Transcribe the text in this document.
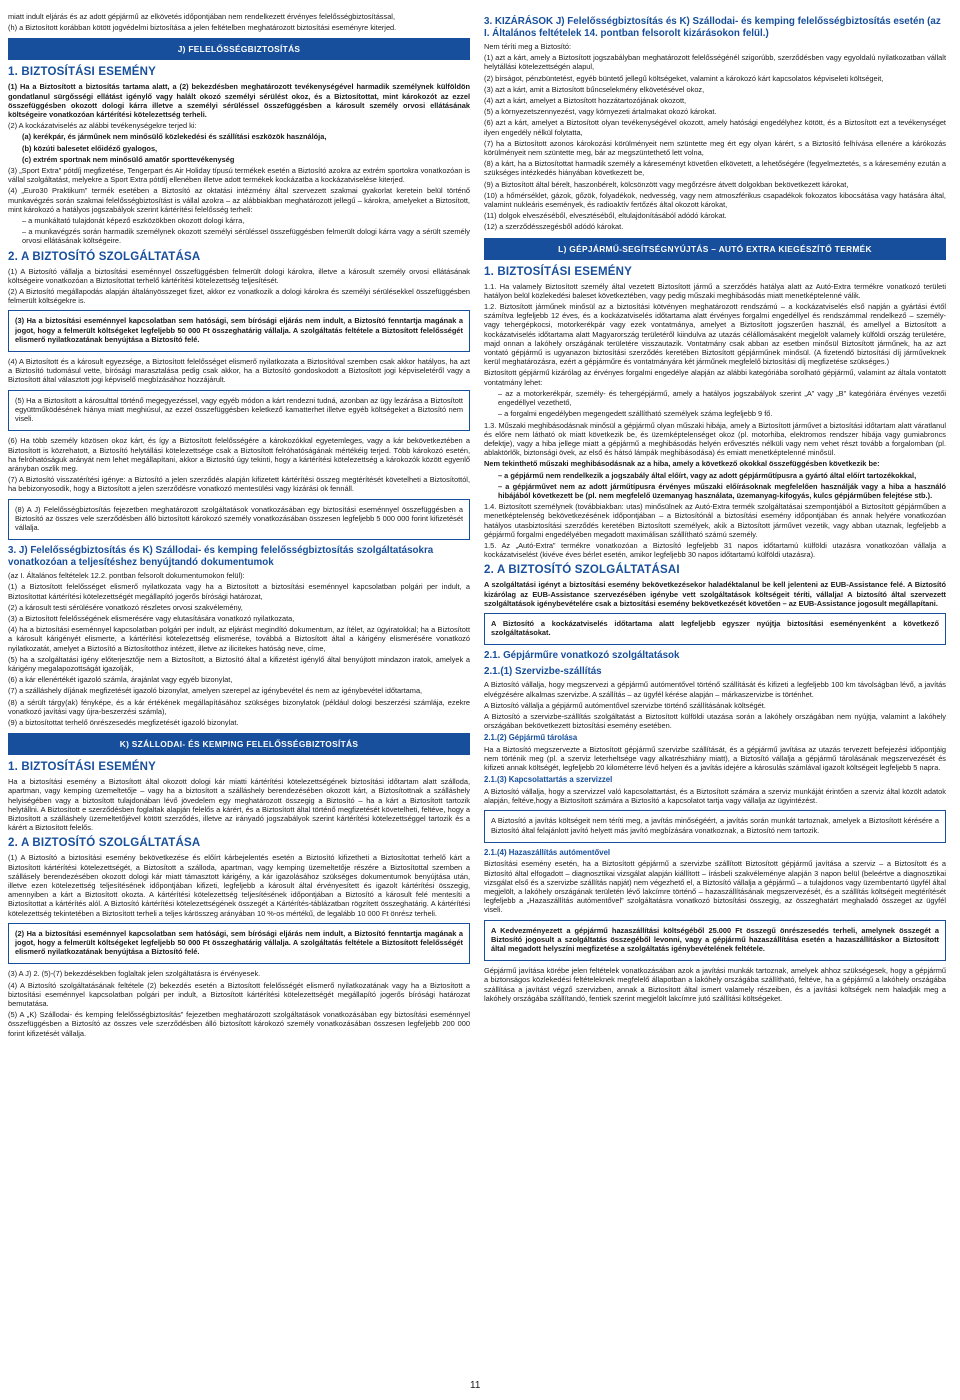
miatt indult eljárás és az adott gépjármű az elkövetés időpontjában nem rendelkezett érvényes felelősségbiztosítással,

(h) a Biztosított korábban kötött jogvédelmi biztosítása a jelen feltételben meghatározott biztosítási eseményre kiterjed.

J) FELELŐSSÉGBIZTOSÍTÁS
1. BIZTOSÍTÁSI ESEMÉNY

(1) Ha a Biztosított a biztosítás tartama alatt, a (2) bekezdésben meghatározott tevékenységével harmadik személynek külföldön gondatlanul sürgősségi ellátást igénylő vagy halált okozó személyi sérülést okoz, és a Biztosítottat, mint károkozót az ezzel összefüggésben okozott dologi kárra illetve a személyi sérüléssel összefüggésben a károsult személy orvosi ellátásának költségeire vonatkozóan kártérítési kötelezettség terheli.

(2) A kockázatviselés az alábbi tevékenységekre terjed ki:

(a) kerékpár, és járműnek nem minősülő közlekedési és szállítási eszközök használója,

(b) közúti balesetet előidéző gyalogos,

(c) extrém sportnak nem minősülő amatőr sporttevékenység

(3) „Sport Extra” pótdíj megfizetése, Tengerpart és Air Holiday típusú termékek esetén a Biztosító azokra az extrém sportokra vonatkozóan is vállal szolgáltatást, melyekre a Sport Extra pótdíj ellenében illetve adott termékek kockázatba a kockázatviselése kiterjed.

(4) „Euro30 Praktikum” termék esetében a Biztosító az oktatási intézmény által szervezett szakmai gyakorlat keretein belül történő munkavégzés során szakmai felelősségbiztosítást is vállal azokra – az alábbiakban meghatározott jellegű – károkra, amelyeket a Biztosított, mint károkozó a hatályos jogszabályok szerint kártérítési felelősség terheli:

– a munkáltató tulajdonát képező eszközökben okozott dologi kárra,

– a munkavégzés során harmadik személynek okozott személyi sérüléssel összefüggésben felmerült dologi kárra vagy a sérült személy orvosi ellátásának költségeire.

2. A BIZTOSÍTÓ SZOLGÁLTATÁSA

(1) A Biztosító vállalja a biztosítási eseménnyel összefüggésben felmerült dologi károkra, illetve a károsult személy orvosi ellátásának költségeire vonatkozóan a Biztosítottat terhelő kártérítési kötelezettség teljesítését.

(2) A Biztosító megállapodás alapján általányösszeget fizet, akkor ez vonatkozik a dologi károkra és személyi sérülésekkel összefüggésben felmerült költségekre is.

(3) Ha a biztosítási eseménnyel kapcsolatban sem hatósági, sem bírósági eljárás nem indult, a Biztosító fenntartja magának a jogot, hogy a felmerült költségeket legfeljebb 50 000 Ft összeghatárig vállalja. A szolgáltatás feltétele a Biztosított felelősségét elismerő nyilatkozatának benyújtása a Biztosító felé.

(4) A Biztosított és a károsult egyezsége, a Biztosított felelősséget elismerő nyilatkozata a Biztosítóval szemben csak akkor hatályos, ha azt a Biztosító tudomásul vette, bírósági marasztalása pedig csak akkor, ha a Biztosító gondoskodott a Biztosított jogi képviseletéről vagy a Biztosított által választott jogi képviselő megbízásához hozzájárult.

(5) Ha a Biztosított a károsulttal történő megegyezéssel, vagy egyéb módon a kárt rendezni tudná, azonban az ügy lezárása a Biztosított együttműködésének hiánya miatt meghiúsul, az ezzel összefüggésben keletkező kamatterhet illetve egyéb költségeket a Biztosító nem viseli.

(6) Ha több személy közösen okoz kárt, és így a Biztosított felelősségére a károkozókkal egyetemleges, vagy a kár bekövetkeztében a Biztosított is közrehatott, a Biztosító helytállási kötelezettsége csak a Biztosított felróhatóságának mértékéig terjed. Több károkozó esetén, ha felróhatóságuk arányát nem lehet megállapítani, akkor a Biztosító úgy tekinti, hogy a kártérítési kötelezettség a károkozók között egyenlő arányban oszlik meg.

(7) A Biztosító visszatérítési igénye: a Biztosító a jelen szerződés alapján kifizetett kártérítési összeg megtérítését követelheti a Biztosítottól, ha bebizonyosodik, hogy a Biztosított a jelen szerződésre vonatkozó mentesülési vagy kizárási ok fennáll.

(8) A J) Felelősségbiztosítás fejezetben meghatározott szolgáltatások vonatkozásában egy biztosítási eseménnyel összefüggésben a Biztosító az összes vele szerződésben álló biztosított károkozó személy vonatkozásában összesen legfeljebb 5 000 000 forint kifizetését vállalja.

3. J) Felelősségbiztosítás és K) Szállodai- és kemping felelősségbiztosítás szolgáltatásokra vonatkozóan a teljesítéshez benyújtandó dokumentumok

(az I. Általános feltételek 12.2. pontban felsorolt dokumentumokon felül):

(1) a Biztosított felelősséget elismerő nyilatkozata vagy ha a Biztosított a biztosítási eseménnyel kapcsolatban polgári per indult, a Biztosítottat kártérítési kötelezettségét megállapító jogerős bírósági határozat,

(2) a károsult testi sérülésére vonatkozó részletes orvosi szakvélemény,

(3) a Biztosított felelősségének elismerésére vagy elutasítására vonatkozó nyilatkozata,

(4) ha a biztosítási eseménnyel kapcsolatban polgári per indult, az eljárást megindító dokumentum, az ítélet, az ügyiratokkal; ha a Biztosított a károsult kárigényét elismerte, a kártérítési kötelezettség elismerése, továbbá a Biztosított által a kárigény elismerésére vonatkozó nyilatkozatát, amelyet a Biztosító a Biztosítotthoz intézett, illetve az ilicitekes hatóság neve, címe,

(5) ha a szolgáltatási igény előterjesztője nem a Biztosított, a Biztosító által a kifizetést igénylő által benyújtott mindazon iratok, amelyek a kárigény megalapozottságát igazolják,

(6) a kár ellenértékét igazoló számla, árajánlat vagy egyéb bizonylat,

(7) a szálláshely díjának megfizetését igazoló bizonylat, amelyen szerepel az igénybevétel és nem az igénybevétel időtartama,

(8) a sérült tárgy(ak) fényképe, és a kár értékének megállapításához szükséges bizonylatok (például dologi beszerzési számlája, ezekre vonatkozó javítási vagy újra-beszerzési számla),

(9) a biztosítottat terhelő önrészesedés megfizetését igazoló bizonylat.

K) SZÁLLODAI- ÉS KEMPING FELELŐSSÉGBIZTOSÍTÁS
1. BIZTOSÍTÁSI ESEMÉNY

Ha a biztosítási esemény a Biztosított által okozott dologi kár miatti kártérítési kötelezettségének biztosítási időtartam alatt szálloda, apartman, vagy kemping üzemeltetője – vagy ha a biztosított a szálláshely berendezésében okozott kárt, a Biztosítottnak a szálláshely helyiségében vagy a biztosított tulajdonában lévő jövedelem egy meghatározott összegig a Biztosító – ha a kárt a Biztosított tartozik helytállni. A Biztosított e szerződésben foglaltak alapján felelős a kárért, és a Biztosított által történő megfizetését követelheti, feltéve, hogy a Biztosított a szálláshely üzemeltetőjével kötött szerződés, illetve az irányadó jogszabályok szerint kártérítési kötelezettséggel tartozik és a kárért a Biztosított felelős.

2. A BIZTOSÍTÓ SZOLGÁLTATÁSA

(1) A Biztosító a biztosítási esemény bekövetkezése és előírt kárbejelentés esetén a Biztosító kifizetheti a Biztosítottat terhelő kárt a Biztosított kártérítési kötelezettségét, a Biztosított a szálloda, apartman, vagy kemping üzemeltetője részére a Biztosítottal szemben a szállásely berendezésében okozott dologi kár miatt támasztott kárigény, a kár igazolásához szükséges dokumentumok benyújtása után, illetve ezen kötelezettség teljesítésének időpontjában kifizeti, legfeljebb a károsult által érvényesített és igazolt kártérítési összegig, amennyiben a kárt a Biztosított okozta. A kártérítési kötelezettség teljesítésének időpontjában a Biztosító a károsult felé mentesíti a Biztosítottat a kártérítés alól. A Biztosító kártérítési kötelezettségének összegét a Kártérítés-táblázatban rögzített összeghatárig. A kártérítési kötelezettség tekintetében a Biztosított terheli a teljes kárösszeg arányában 10 %-os mértékű, de legalább 10 000 Ft önrész terheli.

(2) Ha a biztosítási eseménnyel kapcsolatban sem hatósági, sem bírósági eljárás nem indult, a Biztosító fenntartja magának a jogot, hogy a felmerült költségeket legfeljebb 50 000 Ft összeghatárig vállalja. A szolgáltatás feltétele a Biztosított felelősségét elismerő nyilatkozatának benyújtása a Biztosító felé.

(3) A J) 2. (5)-(7) bekezdésekben foglaltak jelen szolgáltatásra is érvényesek.

(4) A Biztosító szolgáltatásának feltétele (2) bekezdés esetén a Biztosított felelősségét elismerő nyilatkozatának vagy ha a Biztosított a biztosítási eseménnyel kapcsolatban polgári per indult, a Biztosított kártérítési kötelezettségét megállapító jogerős bírósági határozat bemutatása.

(5) A „K) Szállodai- és kemping felelősségbiztosítás” fejezetben meghatározott szolgáltatások vonatkozásában egy biztosítási eseménnyel összefüggésben a Biztosító az összes vele szerződésben álló biztosított károkozó személy vonatkozásában összesen legfeljebb 200 000 forint kifizetését vállalja.

3. KIZÁRÁSOK J) Felelősségbiztosítás és K) Szállodai- és kemping felelősségbiztosítás esetén (az I. Általános feltételek 14. pontban felsorolt kizárásokon felül.)

Nem téríti meg a Biztosító:

(1) azt a kárt, amely a Biztosított jogszabályban meghatározott felelősségénél szigorúbb, szerződésben vagy egyoldalú nyilatkozatban vállalt helytállási kötelezettségén alapul,

(2) bírságot, pénzbüntetést, egyéb büntető jellegű költségeket, valamint a károkozó kárt kapcsolatos képviseleti költségeit,

(3) azt a kárt, amit a Biztosított bűncselekmény elkövetésével okoz,

(4) azt a kárt, amelyet a Biztosított hozzátartozójának okozott,

(5) a környezetszennyezést, vagy környezeti ártalmakat okozó károkat.

(6) azt a kárt, amelyet a Biztosított olyan tevékenységével okozott, amely hatósági engedélyhez kötött, és a Biztosított ezt a tevékenységet ilyen engedély nélkül folytatta,

(7) ha a Biztosított azonos károkozási körülményeit nem szüntette meg ért egy olyan kárért, s a Biztosító felhívása ellenére a kárókozás körülményeit nem szüntette meg, bár az megszüntethető lett volna,

(8) a kárt, ha a Biztosítottat harmadik személy a káreseményt követően elkövetett, a lehetőségére (fegyelmeztetés, s a káresemény ezután a szükséges intézkedés hiányában következett be,

(9) a Biztosított által bérelt, haszonbérelt, kölcsönzött vagy megőrzésre átvett dolgokban bekövetkezett károkat,

(10) a hőmérséklet, gázok, gőzök, folyadékok, nedvesség, vagy nem atmoszférikus csapadékok fokozatos kibocsátása vagy hatására által, valamint nukleáris események, és radioaktív fertőzés által okozott károkat,

(11) dolgok elveszéséből, elvesztéséből, eltulajdonításából adódó károkat.

(12) a szerződésszegésből adódó károkat.

L) GÉPJÁRMŰ-SEGÍTSÉGNYÚJTÁS – AUTÓ EXTRA KIEGÉSZÍTŐ TERMÉK
1. BIZTOSÍTÁSI ESEMÉNY

1.1. Ha valamely Biztosított személy által vezetett Biztosított jármű a szerződés hatálya alatt az Autó-Extra termékre vonatkozó területi hatályon belül közlekedési baleset következtében, vagy pedig műszaki meghibásodás miatt menetképtelenné válik.

1.2. Biztosított járműnek minősül az a biztosítási kötvényen meghatározott rendszámú – a kockázatviselés első napján a gyártási évtől számítva legfeljebb 12 éves, és a kockázatviselés időtartama alatt érvényes forgalmi engedéllyel és rendszámmal rendelkező – személy- vagy tehergépkocsi, motorkerékpár vagy ezek vontatmánya, amelyet a Biztosított jogszerűen használ, és amellyel a Biztosított a kockázatviselés időtartama alatt Magyarország területéről kiindulva az utazás célállomásaként megjelölt valamely külföldi ország területére, majd onnan a lakóhely országának területére visszautazik. Vontatmány csak abban az esetben minősül Biztosított járműnek, ha az azt vontató gépjármű is ugyanazon biztosítási szerződés keretében Biztosított gépjárműnek minősül. (A fizetendő biztosítási díj járműveknek kerül meghatározásra, ezért a gépjárműre és vontatmányára két járműnek megfelelő biztosítási díj megfizetése szükséges.)

Biztosított gépjármű kizárólag az érvényes forgalmi engedélye alapján az alábbi kategóriába sorolható gépjármű, valamint az általa vontatott vontatmány lehet:

– az a motorkerékpár, személy- és tehergépjármű, amely a hatályos jogszabályok szerint „A” vagy „B” kategóriára érvényes vezetői engedéllyel vezethető,

– a forgalmi engedélyben megengedett szállítható személyek száma legfeljebb 9 fő.

1.3. Műszaki meghibásodásnak minősül a gépjármű olyan műszaki hibája, amely a Biztosított járművet a biztosítási időtartam alatt váratlanul és előre nem látható ok miatt következik be, és üzemképtelenséget okoz (pl. motorhiba, elektromos rendszer hibája vagy gumiabroncs defektje), vagy a hiba jellege miatt a gépjármű a meghibásodás helyén erővesztés nélküli vagy nem vehet részt tovább a forgalomban (pl. ablaktörlők, biztonsági övek, az első és hátsó lámpák meghibásodása) és emiatt menetképtelenné minősül.

Nem tekinthető műszaki meghibásodásnak az a hiba, amely a következő okokkal összefüggésben következik be:

– a gépjármű nem rendelkezik a jogszabály által előírt, vagy az adott gépjárműtípusra a gyártó által előírt tartozékokkal,

– a gépjárművet nem az adott járműtípusra érvényes műszaki előírásoknak megfelelően használják vagy a hiba a használó hibájából következett be (pl. nem megfelelő üzemanyag használata, üzemanyag-kifogyás, kulcs gépjárműben felejtése stb.).

1.4. Biztosított személynek (továbbiakban: utas) minősülnek az Autó-Extra termék szolgáltatásai szempontjából a Biztosított gépjárműben a menetképtelenség bekövetkezésének időpontjában – a Biztosítónál a biztosítási esemény időpontjában és annak helyére vonatkozóan hatályos utasbiztosítási szerződés keretében Biztosított személyek, akik a Biztosított járművet vezetik, vagy abban utaznak, legfeljebb a gépjármű forgalmi engedélyében megadott maximálisan szállítható számú személy.

1.5. Az „Autó-Extra” termékre vonatkozóan a Biztosító legfeljebb 31 napos időtartamú külföldi utazásra vonatkozóan vállalja a kockázatviselést (kivéve éves bérlet esetén, amikor legfeljebb 30 napos időtartamú külföldi utazásra).

2. A BIZTOSÍTÓ SZOLGÁLTATÁSAI

A szolgáltatási igényt a biztosítási esemény bekövetkezésekor haladéktalanul be kell jelenteni az EUB-Assistance felé. A Biztosító kizárólag az EUB-Assistance szervezésében igénybe vett szolgáltatások költségeit téríti, vállalja! A biztosító által szervezett szolgáltatások igénybevételére csak a biztosítási esemény bekövetkezését követően – az EUB-Assistance jogosult megállapítani.

A Biztosító a kockázatviselés időtartama alatt legfeljebb egyszer nyújtja biztosítási eseményenként a következő szolgáltatásokat.

2.1. Gépjárműre vonatkozó szolgáltatások
2.1.(1) Szervizbe-szállítás

A Biztosító vállalja, hogy megszervezi a gépjármű autómentővel történő szállítását és kifizeti a legfeljebb 100 km távolságban lévő, a javítás elvégzésére alkalmas szervizbe. A szállítás – az ügyfél kérése alapján – márkaszervizbe is történhet.

A Biztosító vállalja a gépjármű autómentővel szervizbe történő szállításának költségét.

A Biztosító a szervizbe-szállítás szolgáltatást a Biztosított külföldi utazása során a lakóhely országában nem nyújtja, valamint a lakóhely országában bekövetkezett biztosítási esemény esetében.

2.1.(2) Gépjármű tárolása

Ha a Biztosító megszervezte a Biztosított gépjármű szervizbe szállítását, és a gépjármű javítása az utazás tervezett befejezési időpontjáig nem történik meg (pl. a szerviz leterheltsége vagy alkatrészhiány miatt), a Biztosító vállalja a gépjármű tárolásának megszervezését és kifizeti annak költségét, legfeljebb 20 kilométerre lévő helyen és a javítás idejére a károsulás számlával igazolt költségeit legfeljebb 5 napra.

2.1.(3) Kapcsolattartás a szervizzel

A Biztosító vállalja, hogy a szervizzel való kapcsolattartást, és a Biztosított számára a szerviz munkáját érintően a szerviz által közölt adatok alapján, feltéve,hogy a Biztosított számára a Biztosító a kapcsolatot tartja vagy vállalja az ügyintézést.

A Biztosító a javítás költségeit nem téríti meg, a javítás minőségéért, a javítás során munkát tartoznak, amelyek a Biztosított kérésére a Biztosító által felajánlott javító helyett más javító megbízására vonatkoznak, a Biztosító nem tartozik.

2.1.(4) Hazaszállítás autómentővel

Biztosítási esemény esetén, ha a Biztosított gépjármű a szervizbe szállított Biztosított gépjármű javítása a szerviz – a Biztosított és a Biztosító által elfogadott – diagnosztikai vizsgálat alapján kiállított – írásbeli szakvéleménye alapján 3 napon belül (beleértve a diagnosztikai vizsgálat első és a szervizbe szállítás napját) nem végezhető el, a Biztosító vállalja a gépjármű – a tulajdonos vagy üzembentartó ügyfél által megjelölt, a lakóhely országának területén lévő lakcímre történő – hazaszállításának megszervezését, és a szállítás költségeit megtérítését legfeljebb a „Hazaszállítás autómentővel” szolgáltatásra vonatkozó biztosítási összegig, az összeghatárt meghaladó összeget az ügyfél viseli.

A Kedvezményezett a gépjármű hazaszállítási költségéből 25.000 Ft összegű önrészesedés terheli, amelynek összegét a Biztosító jogosult a szolgáltatás összegéből levonni, vagy a gépjármű hazaszállítása esetén a hazaszállításkor a Biztosított által megadott helyszíni megfizetése a szolgáltatás igénybevételének feltétele.

Gépjármű javítása körébe jelen feltételek vonatkozásában azok a javítási munkák tartoznak, amelyek ahhoz szükségesek, hogy a gépjármű a biztonságos közlekedési feltételeknek megfelelő állapotban a lakóhely országába szállítható, feltéve, ha a gépjármű a lakóhely országába szállítása a javítást végző szervizben, annak a Biztosított által ismert valamely részeiben, és a javítási költségek nem haladják meg a lakóhely országába szállítandó, fentiek szerint megjelölt lakcímre jutó szállítási költségeket.

11
